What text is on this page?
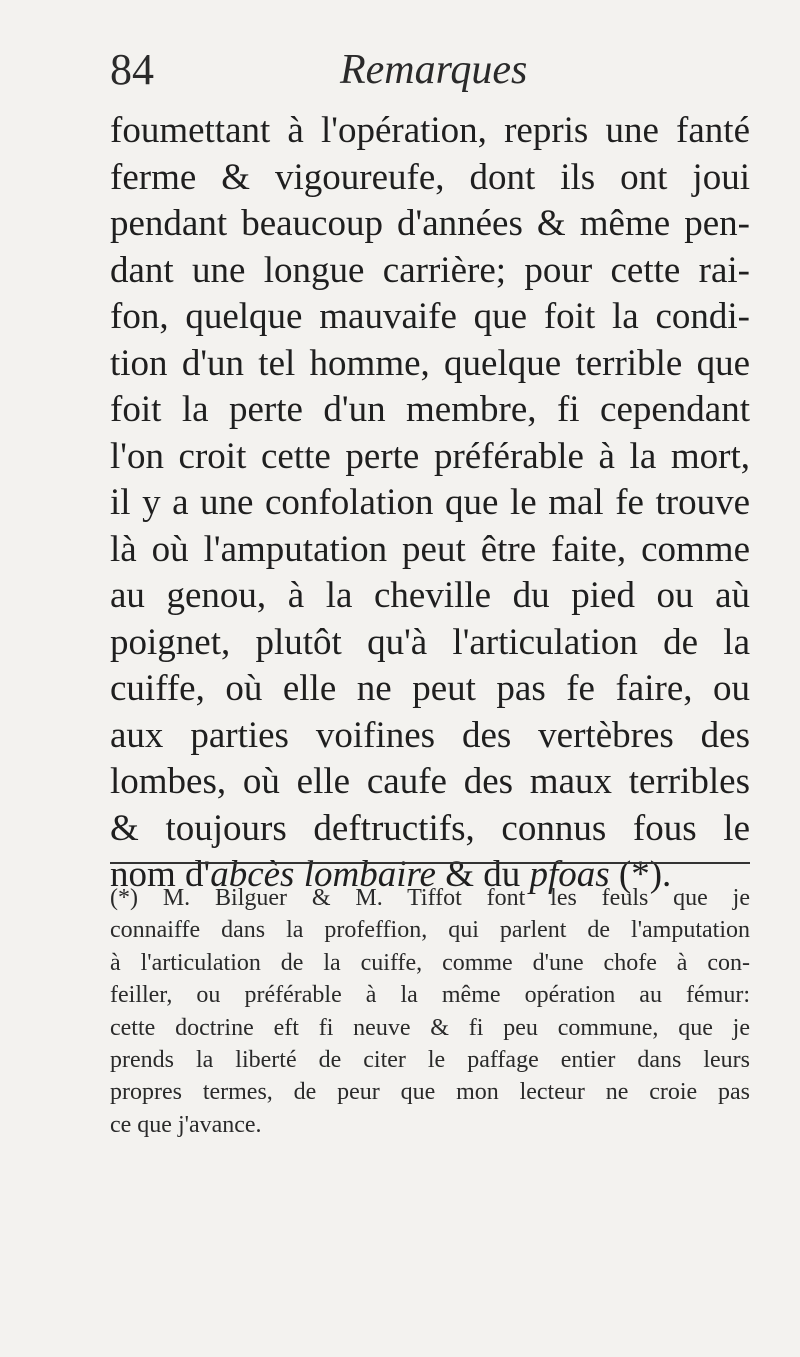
84	Remarques
foumettant à l'opération, repris une fanté
ferme & vigoureufe, dont ils ont joui
pendant beaucoup d'années & même pen-
dant une longue carrière; pour cette rai-
fon, quelque mauvaife que foit la condi-
tion d'un tel homme, quelque terrible que
foit la perte d'un membre, fi cependant
l'on croit cette perte préférable à la mort,
il y a une confolation que le mal fe trouve
là où l'amputation peut être faite, comme
au genou, à la cheville du pied ou aù
poignet, plutôt qu'à l'articulation de la
cuiffe, où elle ne peut pas fe faire, ou
aux parties voifines des vertèbres des
lombes, où elle caufe des maux terribles
& toujours deftructifs, connus fous le
nom d'abcès lombaire & du pfoas (*).
(*) M. Bilguer & M. Tiffot font les feuls que je
connaiffe dans la profeffion, qui parlent de l'amputation
à l'articulation de la cuiffe, comme d'une chofe à con-
feiller, ou préférable à la même opération au fémur:
cette doctrine eft fi neuve & fi peu commune, que je
prends la liberté de citer le paffage entier dans leurs
propres termes, de peur que mon lecteur ne croie pas
ce que j'avance.
